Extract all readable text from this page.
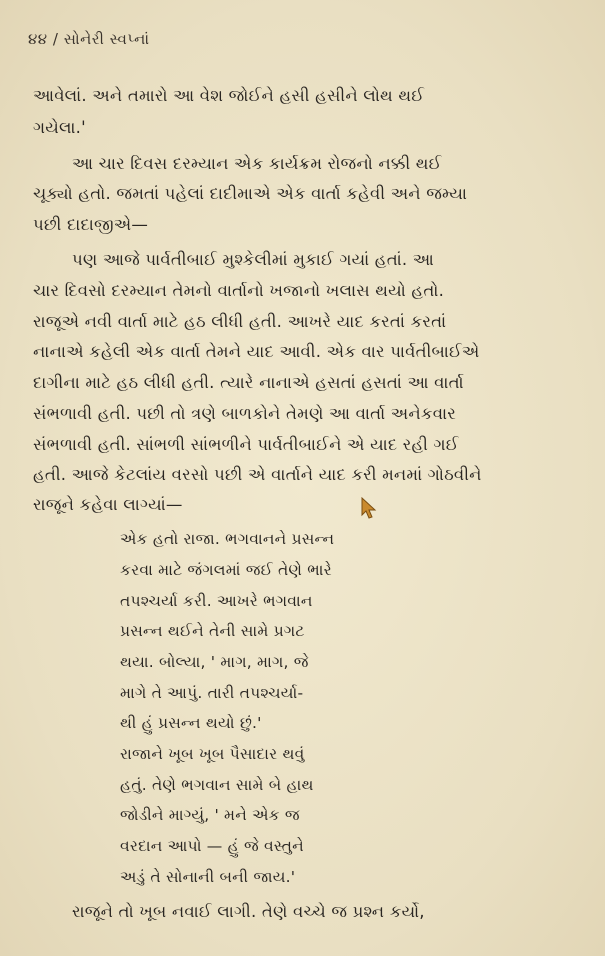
૪૪ / સોનેરી સ્વપ્નાં
આવેલાં. અને તમારો આ વેશ જોઈને હસી હસીને લોથ થઈ
ગયેલા.'
આ ચાર દિવસ દરમ્યાન એક કાર્યક્રમ રોજનો નક્કી થઈ
ચૂક્યો હતો. જમતાં પહેલાં દાદીમાએ એક વાર્તા કહેવી અને જમ્યા
પછી દાદાજીએ—
પણ આજે પાર્વતીબાઈ મુશ્કેલીમાં મુકાઈ ગયાં હતાં. આ
ચાર દિવસો દરમ્યાન તેમનો વાર્તાનો ખજાનો ખલાસ થયો હતો.
રાજૂએ નવી વાર્તા માટે હઠ લીધી હતી. આખરે યાદ કરતાં કરતાં
નાનાએ કહેલી એક વાર્તા તેમને યાદ આવી. એક વાર પાર્વતીબાઈએ
દાગીના માટે હઠ લીધી હતી. ત્યારે નાનાએ હસતાં હસતાં આ વાર્તા
સંભળાવી હતી. પછી તો ત્રણે બાળકોને તેમણે આ વાર્તા અનેકવાર
સંભળાવી હતી. સાંભળી સાંભળીને પાર્વતીબાઈને એ યાદ રહી ગઈ
હતી. આજે કેટલાંય વરસો પછી એ વાર્તાને યાદ કરી મનમાં ગોઠવીને
રાજૂને કહેવા લાગ્યાં—
એક હતો રાજા. ભગવાનને પ્રસન્ન
કરવા માટે જંગલમાં જઈ તેણે ભારે
તપશ્ચર્યા કરી. આખરે ભગવાન
પ્રસન્ન થઈને તેની સામે પ્રગટ
થયા. બોલ્યા, ' માગ, માગ, જે
માગે તે આપું. તારી તપશ્ચર્યા-
થી હું પ્રસન્ન થયો છું.'
રાજાને ખૂબ ખૂબ પૈસાદાર થવું
હતું. તેણે ભગવાન સામે બે હાથ
જોડીને માગ્યું, ' મને એક જ
વરદાન આપો — હું જે વસ્તુને
અડું તે સોનાની બની જાય.'
રાજૂને તો ખૂબ નવાઈ લાગી. તેણે વચ્ચે જ પ્રશ્ન કર્યો,
